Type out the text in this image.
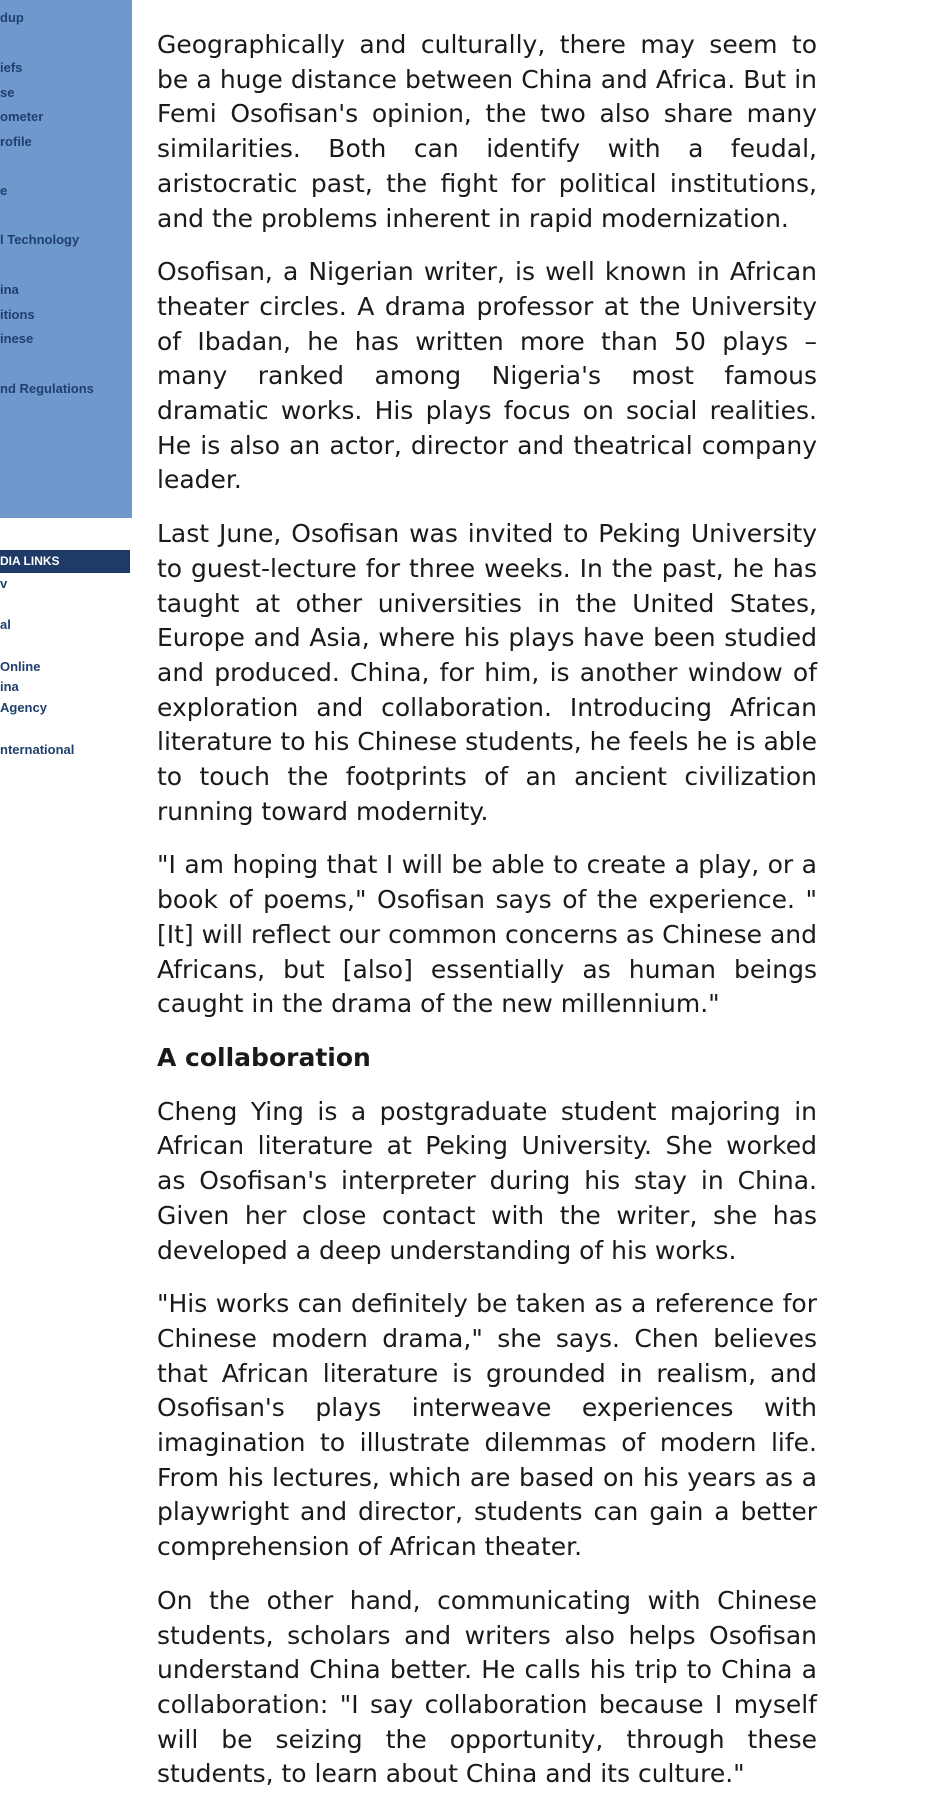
dup
iefs
se
ometer
rofile
e
l Technology
ina
itions
inese
nd Regulations
DIA LINKS
v
al
Online
ina
Agency
nternational

Geographically and culturally, there may seem to be a huge distance between China and Africa. But in Femi Osofisan's opinion, the two also share many similarities. Both can identify with a feudal, aristocratic past, the fight for political institutions, and the problems inherent in rapid modernization.

Osofisan, a Nigerian writer, is well known in African theater circles. A drama professor at the University of Ibadan, he has written more than 50 plays – many ranked among Nigeria's most famous dramatic works. His plays focus on social realities. He is also an actor, director and theatrical company leader.

Last June, Osofisan was invited to Peking University to guest-lecture for three weeks. In the past, he has taught at other universities in the United States, Europe and Asia, where his plays have been studied and produced. China, for him, is another window of exploration and collaboration. Introducing African literature to his Chinese students, he feels he is able to touch the footprints of an ancient civilization running toward modernity.

"I am hoping that I will be able to create a play, or a book of poems," Osofisan says of the experience. "[It] will reflect our common concerns as Chinese and Africans, but [also] essentially as human beings caught in the drama of the new millennium."

A collaboration

Cheng Ying is a postgraduate student majoring in African literature at Peking University. She worked as Osofisan's interpreter during his stay in China. Given her close contact with the writer, she has developed a deep understanding of his works.

"His works can definitely be taken as a reference for Chinese modern drama," she says. Chen believes that African literature is grounded in realism, and Osofisan's plays interweave experiences with imagination to illustrate dilemmas of modern life. From his lectures, which are based on his years as a playwright and director, students can gain a better comprehension of African theater.

On the other hand, communicating with Chinese students, scholars and writers also helps Osofisan understand China better. He calls his trip to China a collaboration: "I say collaboration because I myself will be seizing the opportunity, through these students, to learn about China and its culture."
